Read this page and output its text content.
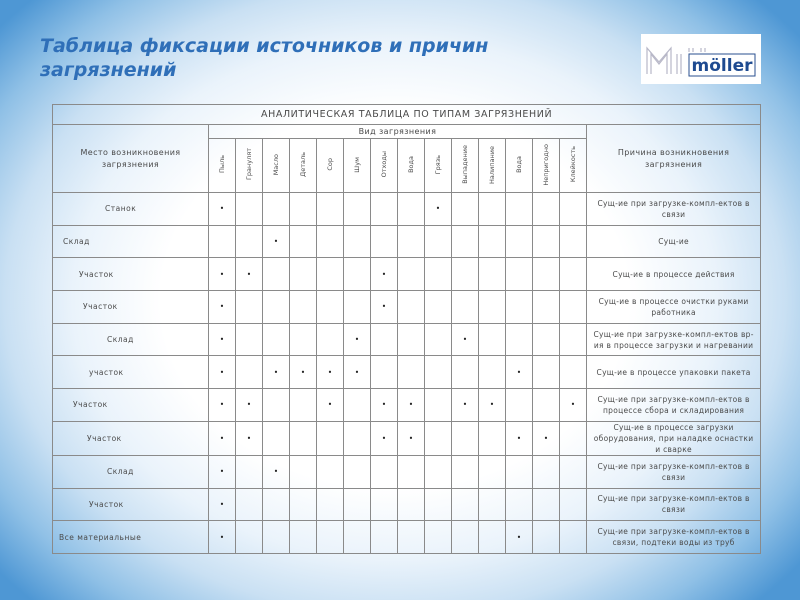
Таблица фиксации источников и причин загрязнений	möller
АНАЛИТИЧЕСКАЯ ТАБЛИЦА ПО ТИПАМ ЗАГРЯЗНЕНИЙ															
Место возникновения загрязнения	Вид загрязнения														Причина возникновения загрязнения
	Пыль	Гранулят	Масло	Деталь	Сор	Шум	Отходы	Вода	Грязь	Выпадение	Налипание	Вода	Непригодно	Клейкость	
Станок	•								•						Сущ-ие при загрузке-компл-ектов в связи
Склад			•												Сущ-ие
Участок	•	•					•								Сущ-ие в процессе действия
Участок	•						•								Сущ-ие в процессе очистки руками работника
Склад	•					•				•					Сущ-ие при загрузке-компл-ектов вр-ия в процессе загрузки и нагревании
участок	•		•	•	•	•						•			Сущ-ие в процессе упаковки пакета
Участок	•	•			•		•	•		•	•			•	Сущ-ие при загрузке-компл-ектов в процессе сбора и складирования
Участок	•	•					•	•				•	•		Сущ-ие в процессе загрузки оборудования, при наладке оснастки и сварке
Склад	•		•												Сущ-ие при загрузке-компл-ектов в связи
Участок	•														Сущ-ие при загрузке-компл-ектов в связи
Все материальные	•											•			Сущ-ие при загрузке-компл-ектов в связи, подтеки воды из труб
